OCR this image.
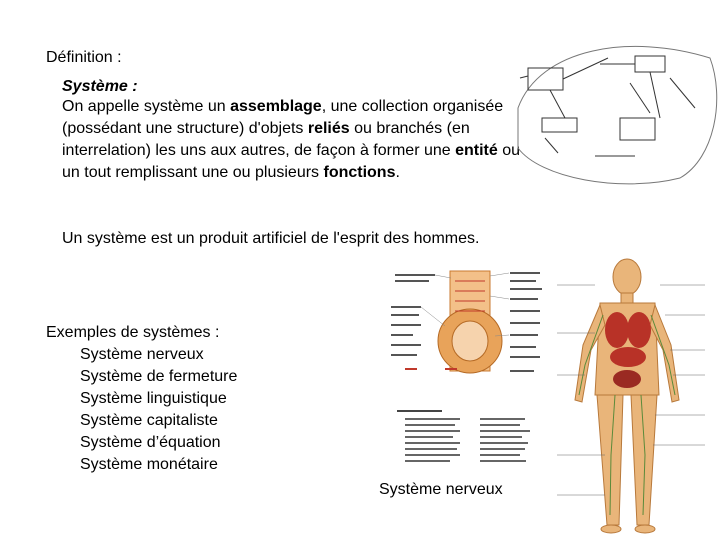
Définition :
Système :
On appelle système un assemblage, une collection organisée (possédant une structure) d'objets reliés ou branchés (en interrelation) les uns aux autres, de façon à former une entité ou un tout remplissant une ou plusieurs fonctions.
Un système est un produit artificiel de l'esprit des hommes.
Exemples de systèmes :
Système nerveux
Système de fermeture
Système linguistique
Système capitaliste
Système d’équation
Système monétaire
Système nerveux
